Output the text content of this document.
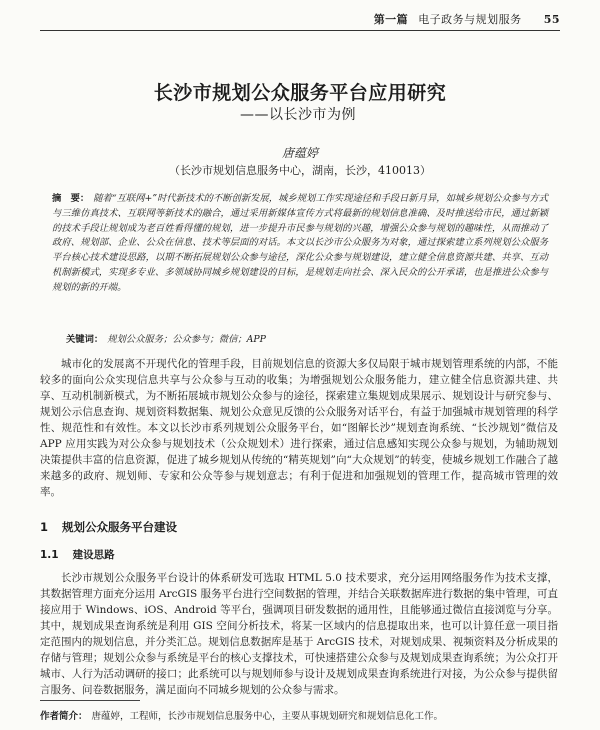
第一篇 电子政务与规划服务 55
长沙市规划公众服务平台应用研究
——以长沙市为例
唐蕴婷
（长沙市规划信息服务中心，湖南，长沙，410013）
摘　要： 随着“互联网+”时代新技术的不断创新发展，城乡规划工作实现途径和手段日新月异，如城乡规划公众参与方式与三维仿真技术、互联网等新技术的融合，通过采用新媒体宣传方式将最新的规划信息准确、及时推送给市民，通过新颖的技术手段让规划成为老百姓看得懂的规划，进一步提升市民参与规划的兴趣，增强公众参与规划的趣味性，从而推动了政府、规划部、企业、公众在信息、技术等层面的对话。本文以长沙市公众服务为对象，通过探索建立系列规划公众服务平台核心技术建设思路，以期不断拓展规划公众参与途径，深化公众参与规划建设，建立健全信息资源共建、共享、互动机制新模式，实现多专业、多领域协同城乡规划建设的目标，是规划走向社会、深入民众的公开承诺，也是推进公众参与规划的新的开端。
关键词： 规划公众服务；公众参与；微信；APP
城市化的发展离不开现代化的管理手段，目前规划信息的资源大多仅局限于城市规划管理系统的内部，不能较多的面向公众实现信息共享与公众参与互动的收集；为增强规划公众服务能力，建立健全信息资源共建、共享、互动机制新模式，为不断拓展城市规划公众参与的途径，探索建立集规划成果展示、规划设计与研究参与、规划公示信息查询、规划资料数据集、规划公众意见反馈的公众服务对话平台，有益于加强城市规划管理的科学性、规范性和有效性。本文以长沙市系列规划公众服务平台，如“图解长沙”规划查询系统、“长沙规划”微信及 APP 应用实践为对公众参与规划技术（公众规划术）进行探索，通过信息感知实现公众参与规划，为辅助规划决策提供丰富的信息资源，促进了城乡规划从传统的“精英规划”向“大众规划”的转变，使城乡规划工作融合了越来越多的政府、规划师、专家和公众等参与规划意志；有利于促进和加强规划的管理工作，提高城市管理的效率。
1 规划公众服务平台建设
1.1 建设思路
长沙市规划公众服务平台设计的体系研发可选取 HTML 5.0 技术要求，充分运用网络服务作为技术支撑，其数据管理方面充分运用 ArcGIS 服务平台进行空间数据的管理，并结合关联数据库进行数据的集中管理，可直接应用于 Windows、iOS、Android 等平台，强调项目研发数据的通用性，且能够通过微信直接浏览与分享。其中，规划成果查询系统是利用 GIS 空间分析技术，将某一区域内的信息提取出来，也可以计算任意一项目指定范围内的规划信息，并分类汇总。规划信息数据库是基于 ArcGIS 技术，对规划成果、视频资料及分析成果的存储与管理；规划公众参与系统是平台的核心支撑技术，可快速搭建公众参与及规划成果查询系统；为公众打开城市、人行为活动调研的接口；此系统可以与规划师参与设计及规划成果查询系统进行对接，为公众参与提供留言服务、问卷数据服务，满足面向不同城乡规划的公众参与需求。
作者简介： 唐蕴婷，工程师，长沙市规划信息服务中心，主要从事规划研究和规划信息化工作。
